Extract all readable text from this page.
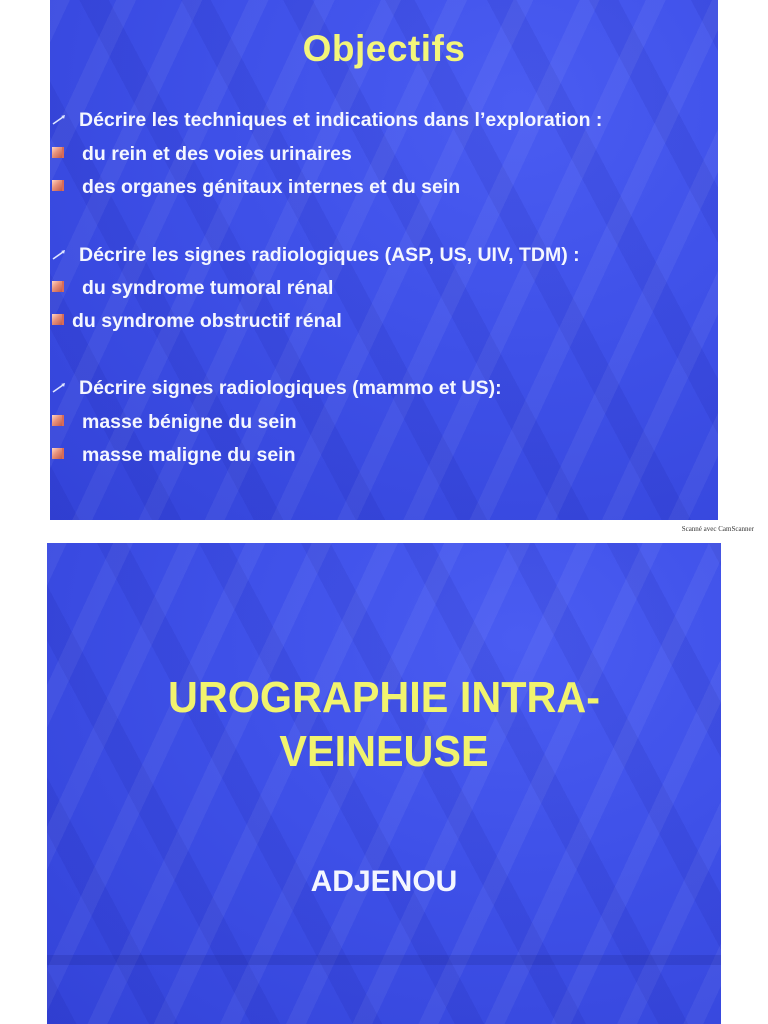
Objectifs
Décrire les techniques et indications dans l’exploration :
du rein et des voies urinaires
des organes génitaux internes et du sein
Décrire les signes radiologiques (ASP, US, UIV, TDM) :
du syndrome tumoral rénal
du syndrome obstructif rénal
Décrire signes radiologiques (mammo et US):
masse bénigne du sein
masse maligne du sein
Scanné avec CamScanner
UROGRAPHIE INTRA-
VEINEUSE
ADJENOU
